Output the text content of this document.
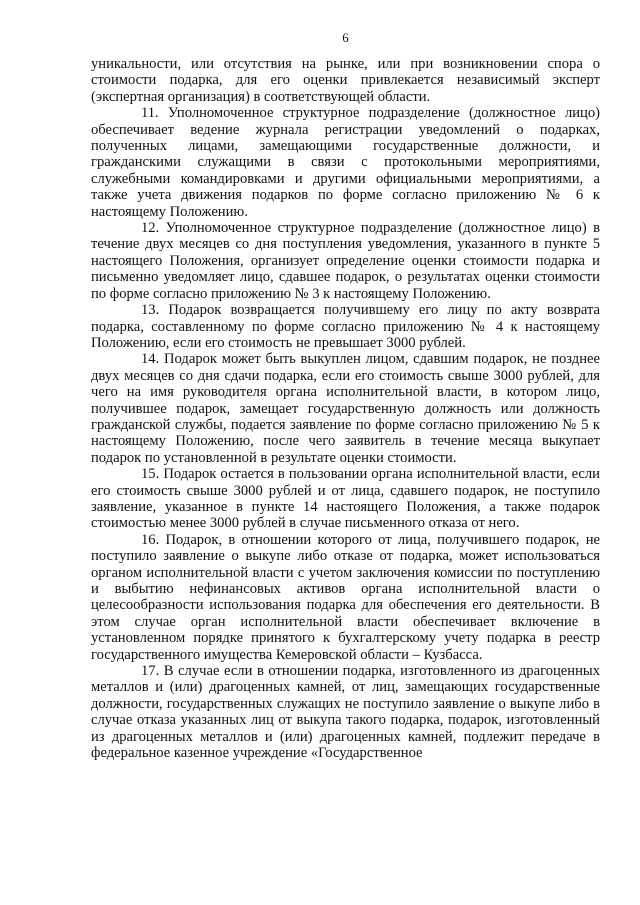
6

уникальности, или отсутствия на рынке, или при возникновении спора о стоимости подарка, для его оценки привлекается независимый эксперт (экспертная организация) в соответствующей области.

11. Уполномоченное структурное подразделение (должностное лицо) обеспечивает ведение журнала регистрации уведомлений о подарках, полученных лицами, замещающими государственные должности, и гражданскими служащими в связи с протокольными мероприятиями, служебными командировками и другими официальными мероприятиями, а также учета движения подарков по форме согласно приложению № 6 к настоящему Положению.

12. Уполномоченное структурное подразделение (должностное лицо) в течение двух месяцев со дня поступления уведомления, указанного в пункте 5 настоящего Положения, организует определение оценки стоимости подарка и письменно уведомляет лицо, сдавшее подарок, о результатах оценки стоимости по форме согласно приложению № 3 к настоящему Положению.

13. Подарок возвращается получившему его лицу по акту возврата подарка, составленному по форме согласно приложению № 4 к настоящему Положению, если его стоимость не превышает 3000 рублей.

14. Подарок может быть выкуплен лицом, сдавшим подарок, не позднее двух месяцев со дня сдачи подарка, если его стоимость свыше 3000 рублей, для чего на имя руководителя органа исполнительной власти, в котором лицо, получившее подарок, замещает государственную должность или должность гражданской службы, подается заявление по форме согласно приложению № 5 к настоящему Положению, после чего заявитель в течение месяца выкупает подарок по установленной в результате оценки стоимости.

15. Подарок остается в пользовании органа исполнительной власти, если его стоимость свыше 3000 рублей и от лица, сдавшего подарок, не поступило заявление, указанное в пункте 14 настоящего Положения, а также подарок стоимостью менее 3000 рублей в случае письменного отказа от него.

16. Подарок, в отношении которого от лица, получившего подарок, не поступило заявление о выкупе либо отказе от подарка, может использоваться органом исполнительной власти с учетом заключения комиссии по поступлению и выбытию нефинансовых активов органа исполнительной власти о целесообразности использования подарка для обеспечения его деятельности. В этом случае орган исполнительной власти обеспечивает включение в установленном порядке принятого к бухгалтерскому учету подарка в реестр государственного имущества Кемеровской области – Кузбасса.

17. В случае если в отношении подарка, изготовленного из драгоценных металлов и (или) драгоценных камней, от лиц, замещающих государственные должности, государственных служащих не поступило заявление о выкупе либо в случае отказа указанных лиц от выкупа такого подарка, подарок, изготовленный из драгоценных металлов и (или) драгоценных камней, подлежит передаче в федеральное казенное учреждение «Государственное
